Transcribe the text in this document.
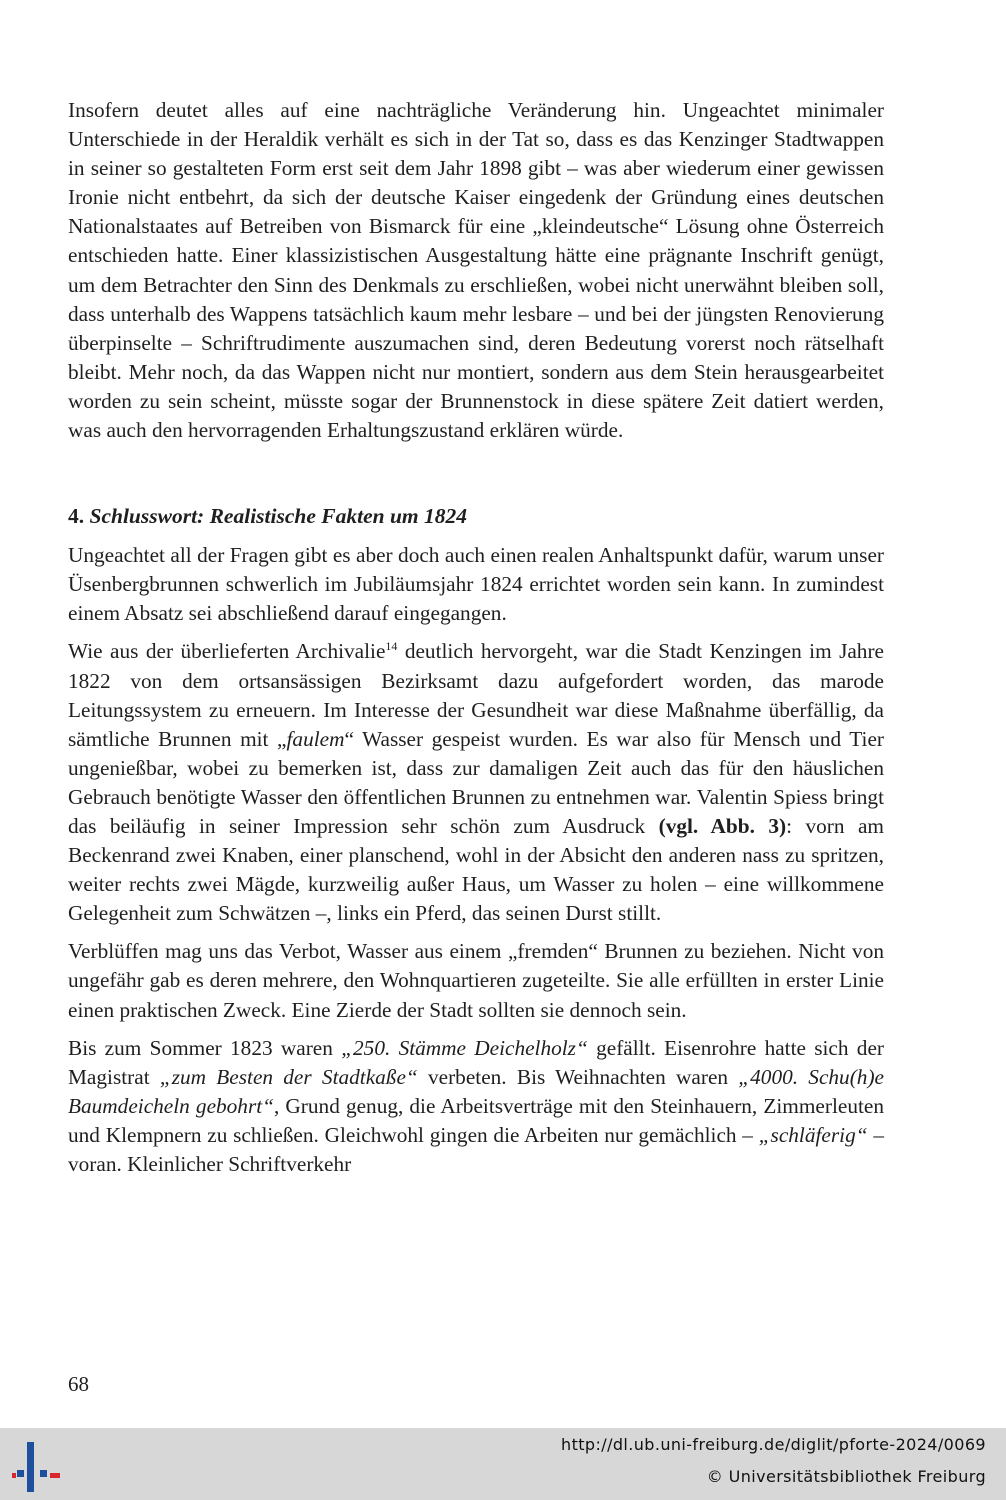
Insofern deutet alles auf eine nachträgliche Veränderung hin. Ungeachtet minimaler Unterschiede in der Heraldik verhält es sich in der Tat so, dass es das Kenzinger Stadtwappen in seiner so gestalteten Form erst seit dem Jahr 1898 gibt – was aber wiederum einer gewissen Ironie nicht entbehrt, da sich der deutsche Kaiser eingedenk der Gründung eines deutschen Nationalstaates auf Betreiben von Bismarck für eine „kleindeutsche“ Lösung ohne Österreich entschieden hatte. Einer klassizistischen Ausgestaltung hätte eine prägnante Inschrift genügt, um dem Betrachter den Sinn des Denkmals zu erschließen, wobei nicht unerwähnt bleiben soll, dass unterhalb des Wappens tatsächlich kaum mehr lesbare – und bei der jüngsten Renovierung überpinselte – Schriftrudimente auszumachen sind, deren Bedeutung vorerst noch rätselhaft bleibt. Mehr noch, da das Wappen nicht nur montiert, sondern aus dem Stein herausgearbeitet worden zu sein scheint, müsste sogar der Brunnenstock in diese spätere Zeit datiert werden, was auch den hervorragenden Erhaltungszustand erklären würde.

4. Schlusswort: Realistische Fakten um 1824

Ungeachtet all der Fragen gibt es aber doch auch einen realen Anhaltspunkt dafür, warum unser Üsenbergbrunnen schwerlich im Jubiläumsjahr 1824 errichtet worden sein kann. In zumindest einem Absatz sei abschließend darauf eingegangen.

Wie aus der überlieferten Archivalie$^{14}$ deutlich hervorgeht, war die Stadt Kenzingen im Jahre 1822 von dem ortsansässigen Bezirksamt dazu aufgefordert worden, das marode Leitungssystem zu erneuern. Im Interesse der Gesundheit war diese Maßnahme überfällig, da sämtliche Brunnen mit „faulem“ Wasser gespeist wurden. Es war also für Mensch und Tier ungenießbar, wobei zu bemerken ist, dass zur damaligen Zeit auch das für den häuslichen Gebrauch benötigte Wasser den öffentlichen Brunnen zu entnehmen war. Valentin Spiess bringt das beiläufig in seiner Impression sehr schön zum Ausdruck (vgl. Abb. 3): vorn am Beckenrand zwei Knaben, einer planschend, wohl in der Absicht den anderen nass zu spritzen, weiter rechts zwei Mägde, kurzweilig außer Haus, um Wasser zu holen – eine willkommene Gelegenheit zum Schwätzen –, links ein Pferd, das seinen Durst stillt.

Verblüffen mag uns das Verbot, Wasser aus einem „fremden“ Brunnen zu beziehen. Nicht von ungefähr gab es deren mehrere, den Wohnquartieren zugeteilte. Sie alle erfüllten in erster Linie einen praktischen Zweck. Eine Zierde der Stadt sollten sie dennoch sein.

Bis zum Sommer 1823 waren „250. Stämme Deichelholz“ gefällt. Eisenrohre hatte sich der Magistrat „zum Besten der Stadtkaße“ verbeten. Bis Weihnachten waren „4000. Schu(h)e Baumdeicheln gebohrt“, Grund genug, die Arbeitsverträge mit den Steinhauern, Zimmerleuten und Klempnern zu schließen. Gleichwohl gingen die Arbeiten nur gemächlich – „schläferig“ – voran. Kleinlicher Schriftverkehr

68
http://dl.ub.uni-freiburg.de/diglit/pforte-2024/0069
© Universitätsbibliothek Freiburg
